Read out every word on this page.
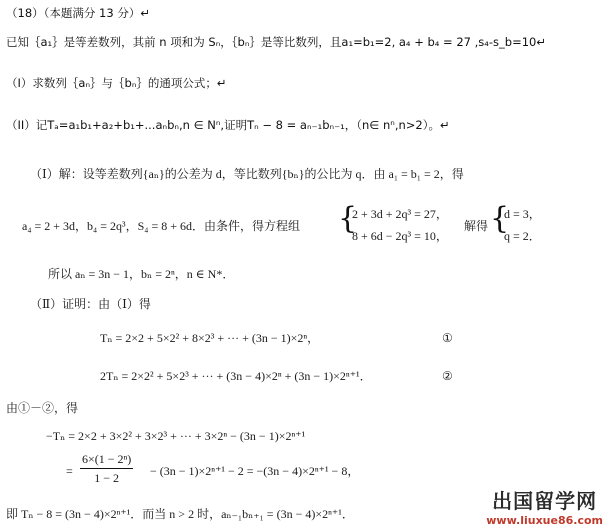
（18）（本题满分 13 分）↵
已知｛a₁｝是等差数列，其前 n 项和为 Sₙ，｛bₙ｝是等比数列，且a₁=b₁=2, a₄ + b₄ = 27 ,s₄-s_b=10↵
（I）求数列｛aₙ｝与｛bₙ｝的通项公式；↵
（II）记Tₐ=a₁b₁+a₂+b₁+...aₙbₙ,n ∈ Nⁿ,证明Tₙ − 8 = aₙ₋₁bₙ₋₁，（n∈ nⁿ,n>2）。↵
（Ⅰ）解：设等差数列{aₙ}的公差为 d，等比数列{bₙ}的公比为 q．由 a₁ = b₁ = 2，得
a₄ = 2 + 3d，b₄ = 2q³，S₄ = 8 + 6d．由条件，得方程组 {
2 + 3d + 2q³ = 27，
8 + 6d − 2q³ = 10，
解得 {
d = 3，
q = 2．
所以 aₙ = 3n − 1，bₙ = 2ⁿ，n ∈ N*．
（Ⅱ）证明：由（Ⅰ）得
Tₙ = 2×2 + 5×2² + 8×2³ + ··· + (3n − 1)×2ⁿ，	①
2Tₙ = 2×2² + 5×2³ + ··· + (3n − 4)×2ⁿ + (3n − 1)×2ⁿ⁺¹．	②
由①－②，得
−Tₙ = 2×2 + 3×2² + 3×2³ + ··· + 3×2ⁿ − (3n − 1)×2ⁿ⁺¹
=
6×(1 − 2ⁿ)
1 − 2	− (3n − 1)×2ⁿ⁺¹ − 2 = −(3n − 4)×2ⁿ⁺¹ − 8，
即 Tₙ − 8 = (3n − 4)×2ⁿ⁺¹．而当 n > 2 时，aₙ₋₁bₙ₊₁ = (3n − 4)×2ⁿ⁺¹．
出国留学网
www.liuxue86.com
